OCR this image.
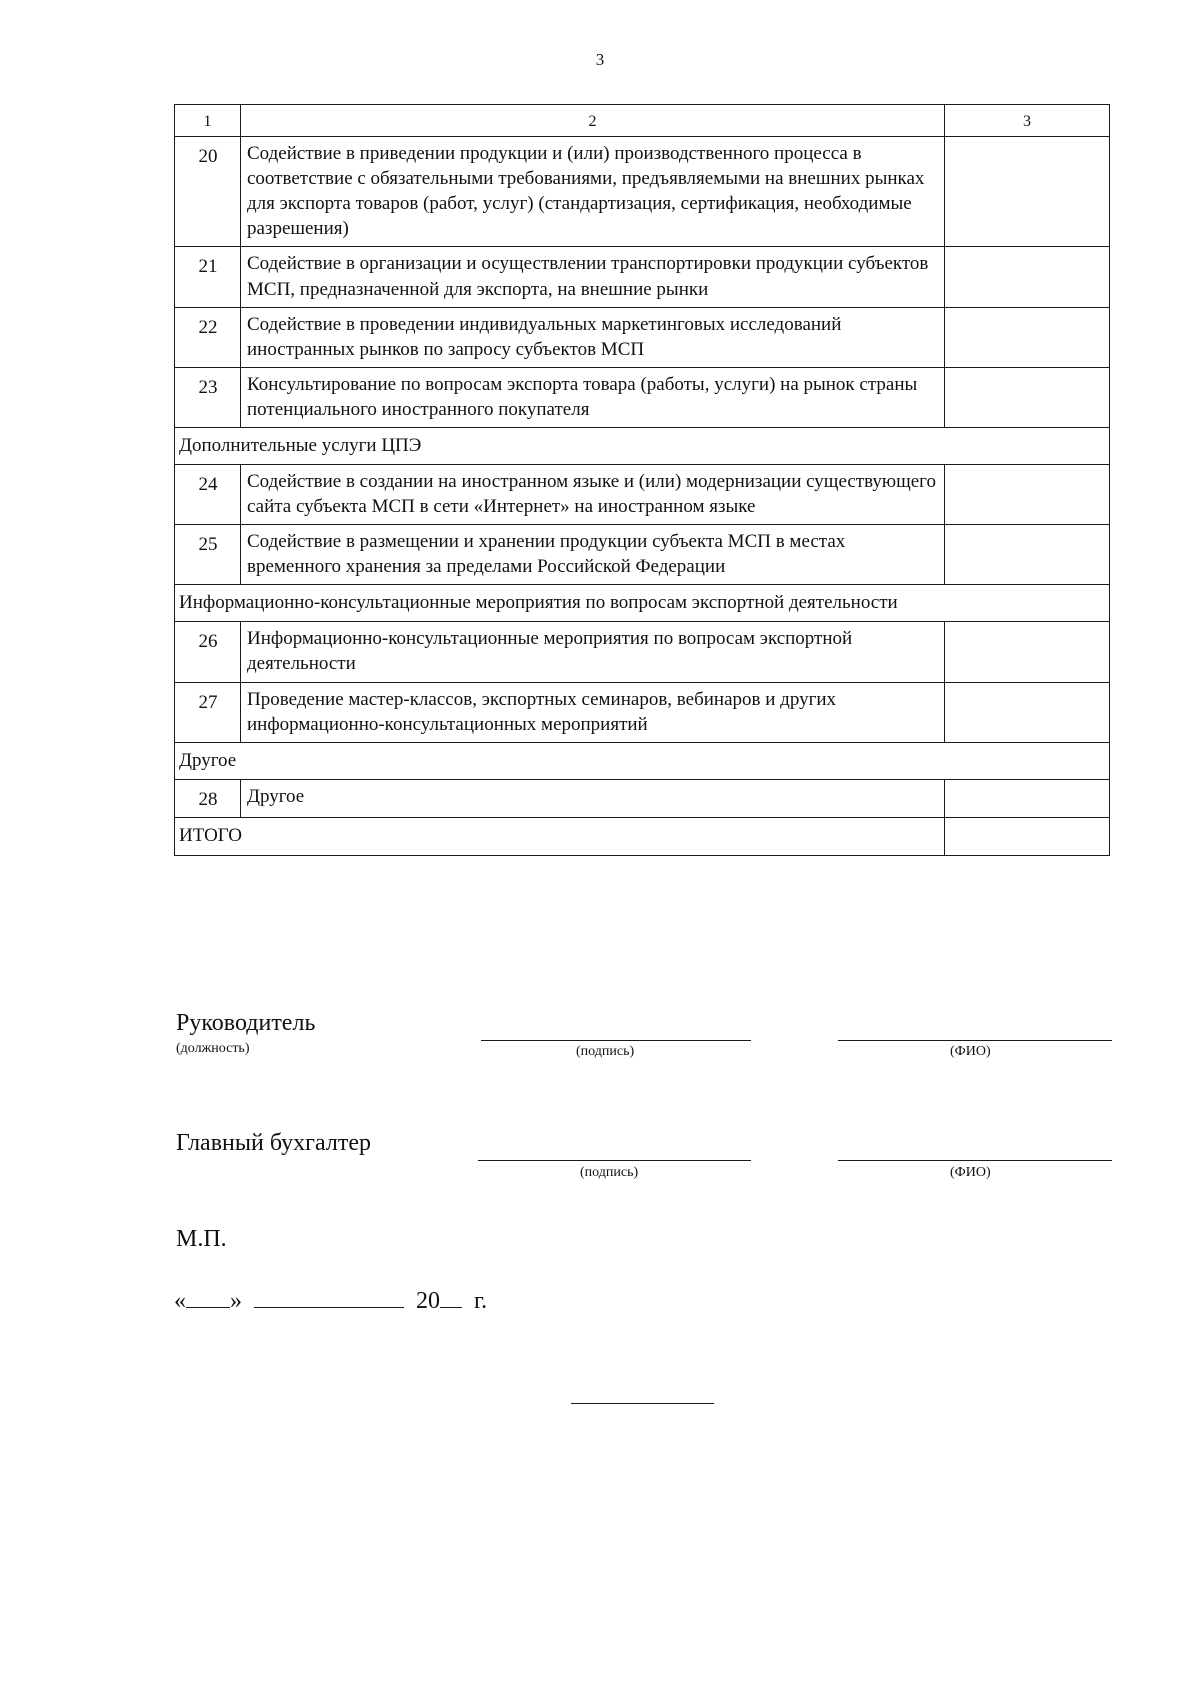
3
1	2	3
20	Содействие в приведении продукции и (или) производственного процесса в соответствие с обязательными требованиями, предъявляемыми на внешних рынках для экспорта товаров (работ, услуг) (стандартизация, сертификация, необходимые разрешения)	
21	Содействие в организации и осуществлении транспортировки продукции субъектов МСП, предназначенной для экспорта, на внешние рынки	
22	Содействие в проведении индивидуальных маркетинговых исследований иностранных рынков по запросу субъектов МСП	
23	Консультирование по вопросам экспорта товара (работы, услуги) на рынок страны потенциального иностранного покупателя	
Дополнительные услуги ЦПЭ		
24	Содействие в создании на иностранном языке и (или) модернизации существующего сайта субъекта МСП в сети «Интернет» на иностранном языке	
25	Содействие в размещении и хранении продукции субъекта МСП в местах временного хранения за пределами Российской Федерации	
Информационно-консультационные мероприятия по вопросам экспортной деятельности		
26	Информационно-консультационные мероприятия по вопросам экспортной деятельности	
27	Проведение мастер-классов, экспортных семинаров, вебинаров и других информационно-консультационных мероприятий	
Другое		
28	Другое	
ИТОГО		
Руководитель
(должность)	(подпись)	(ФИО)
Главный бухгалтер
(подпись)	(ФИО)
М.П.
« »	20 г.
